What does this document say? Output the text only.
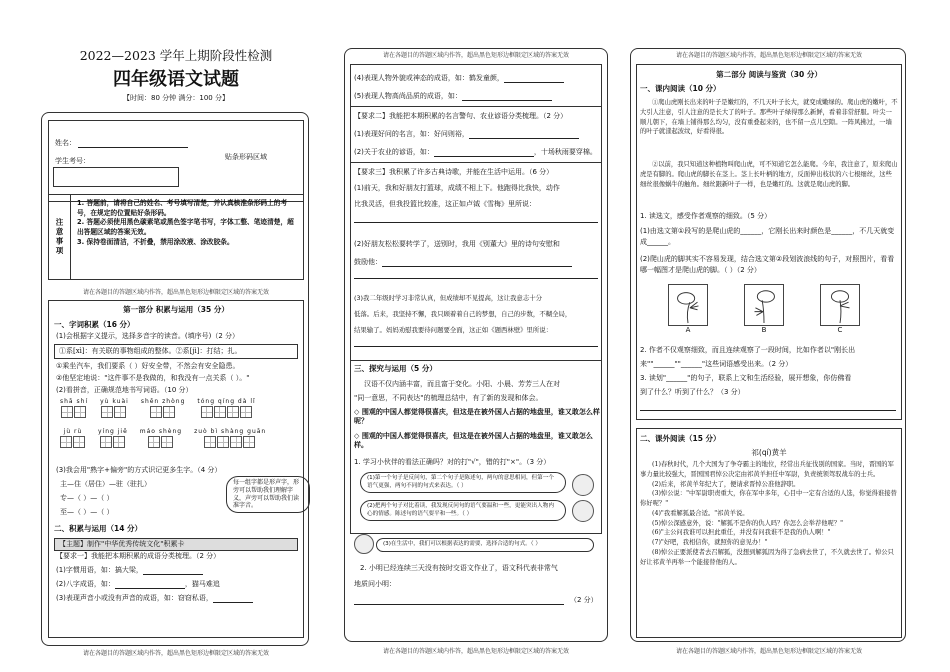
2022—2023 学年上期阶段性检测
四年级语文试题
【时间：80 分钟 满分：100 分】
姓名：
学生考号：	贴条形码区域
注意事项
1. 答题前，请将自己的姓名、考号填写清楚，并认真核准条形码上的考号，在规定的位置贴好条形码。
2. 答题必须使用黑色碳素笔或黑色签字笔书写，字体工整、笔迹清楚，超出答题区域的答案无效。
3. 保持卷面清洁，不折叠，禁用涂改液、涂改胶条。
请在各题目的答题区域内作答，超出黑色矩形边框限定区域的答案无效
第一部分 积累与运用（35 分）
一、字词积累（16 分）
(1)会根据字义提示，选择多音字的读音。(填序号)（2 分）
①系[xì]：有关联的事物组成的整体。②系[jì]：打结；扎。
①乘坐汽车，我们要系（ ）好安全带，不然会有安全隐患。
②他坚定地说："这件事不是我做的，和我没有一点关系（ ）。"
(2)看拼音，正确规范地书写词语。（10 分）
shā shí yù kuài shēn zhòng tóng qíng dà lǐ
jù rù	yíng jiē máo shèng zuò bì shàng guān
(3)我会用"熟字+偏旁"的方式识记更多生字。（4 分）
主—住（居住）—驻（驻扎）
专—（ ）—（ ）
至—（ ）—（ ）
每一组字都是形声字，形旁可以帮助我们理解字义，声旁可以帮助我们读准字音。
二、积累与运用（14 分）
【主题】制作"中华优秀传统文化"积累卡
【要求一】我能把本期积累的成语分类梳理。（2 分）
(1)字惯用语，如：搞大梁，
(2)八字成语，如：	，猫马难追
(3)表现声音小或没有声音的成语，如：窃窃私语，
请在各题目的答题区域内作答，超出黑色矩形边框限定区域的答案无效
请在各题目的答题区域内作答，超出黑色矩形边框限定区域的答案无效
(4)表现人物外貌或神态的成语，如：鹤发童颜，
(5)表现人物高尚品质的成语，如：
【要求二】我能把本期积累的名言警句、农业谚语分类梳理。（2 分）
(1)表现好问的名言，如：好问则裕，
(2)关于农业的谚语，如：	，十场秋雨要穿棉。
【要求三】我积累了许多古典诗歌，并能在生活中运用。（6 分）
(1)前天，我和好朋友打篮球，成绩不相上下。他跑得比我快，动作
比我灵活，但我投篮比较准，这正如卢钺《雪梅》里所说：
(2)好朋友松松要转学了，送别时，我用《别董大》里的诗句安慰和
鼓励他：
(3)我二年级时学习非常认真，但成绩却不见提高，这让我意志十分
低落。后来，我坚持不懈，我只顾着着自己的梦想，自己的步数，不糊全局，
结果输了。妈妈劝慰我要待问题要全面，这正如《题西林壁》里所说：
三、探究与运用（5 分）
汉语不仅内涵丰富，而且富于变化。小阳、小晨、芳芳三人在对
"同一意思，不同表达"的梳理总结中，有了新的发现和体会。
◇ 围观的中国人都觉得很喜庆，但这是在被外国人占据的地盘里，谁又敢怎么样呢？
◇ 围观的中国人都觉得很喜庆，但这是在被外国人占据的地盘里，谁又敢怎么样。
1. 学习小伙伴的看法正确吗？对的打"√"，错的打"×"。（3 分）
(1)第一个句子是反问句，第二个句子是陈述句，两句的意思相同，但第一个语气更强，两句不同的句式来表达。（ ）
(2)把两个句子对比着读，我发现反问句的语气要温和一些，更能突出人物内心的情感。陈述句的语气要平和一些。（ ）
(3)在生活中，我们可以根据表达的需要，选择合适的句式。（ ）
2. 小明已经连续三天没有按时交语文作业了，语文科代表非常气
地质问小明：
（2 分）
请在各题目的答题区域内作答，超出黑色矩形边框限定区域的答案无效
请在各题目的答题区域内作答，超出黑色矩形边框限定区域的答案无效
第二部分 阅读与鉴赏（30 分）
一、课内阅读（10 分）
①爬山虎刚长出来的叶子是嫩红的，不几天叶子长大，就变成嫩绿的。爬山虎的嫩叶，不大引人注意，引人注意的是长大了的叶子。那些叶子绿得那么新鲜，看着非常舒服。叶尖一顺儿朝下，在墙上铺得那么均匀，没有重叠起来的，也不留一点儿空隙。一阵风拂过，一墙的叶子就漾起波纹，好看得很。
②以前，我只知道这种植物叫爬山虎，可不知道它怎么能爬。今年，我注意了，原来爬山虎是有脚的。爬山虎的脚长在茎上。茎上长叶柄的地方，反面伸出枝状的六七根细丝，这些细丝很像蜗牛的触角。细丝跟新叶子一样，也是嫩红的。这就是爬山虎的脚。
1. 读选文，感受作者观察的细致。（5 分）
(1)由选文第①段写的是爬山虎的______，它刚长出来时颜色是______，不几天就变成______。
(2)爬山虎的脚其实不容易发现，结合选文第②段划波浪线的句子，对照图片，看看哪一幅图才是爬山虎的脚。（ ）（2 分）
A	B	C
2. 作者不仅观察细致，而且连续观察了一段时间，比如作者以"刚长出
来""______""______"这些词语感受出来。（2 分）
3. 读划"______"的句子，联系上文和生活经验，展开想象，你仿佛看
到了什么？听到了什么？（3 分）
二、课外阅读（15 分）
祁(qí)黄羊
(1)春秋时代，几个大国为了争夺霸主的地位，经常出兵征伐别的国家。当时，晋国的军事力量比较强大，晋国国君悼公决定由祁黄羊担任中军尉，负责统领驾驭战车的士兵。
(2)后来，祁黄羊年纪大了，便请求晋悼公准他辞职。
(3)悼公说："中军尉职责重大，你在军中多年，心目中一定有合适的人选，你觉得谁接替你好呢？"
(4)"我看解狐最合适。"祁黄羊说。
(5)悼公深感意外，说："解狐不是你的仇人吗？你怎么会举荐他呢？"
(6)"主公问我谁可以担此重任，并没有问我谁不是我的仇人啊！"
(7)"好吧，我相信你，就照你的意见办！"
(8)悼公正要派使者去召解狐，没想到解狐因为得了急病去世了，不久就去世了。悼公只好让祁黄羊再举一个能接替他的人。
请在各题目的答题区域内作答，超出黑色矩形边框限定区域的答案无效
